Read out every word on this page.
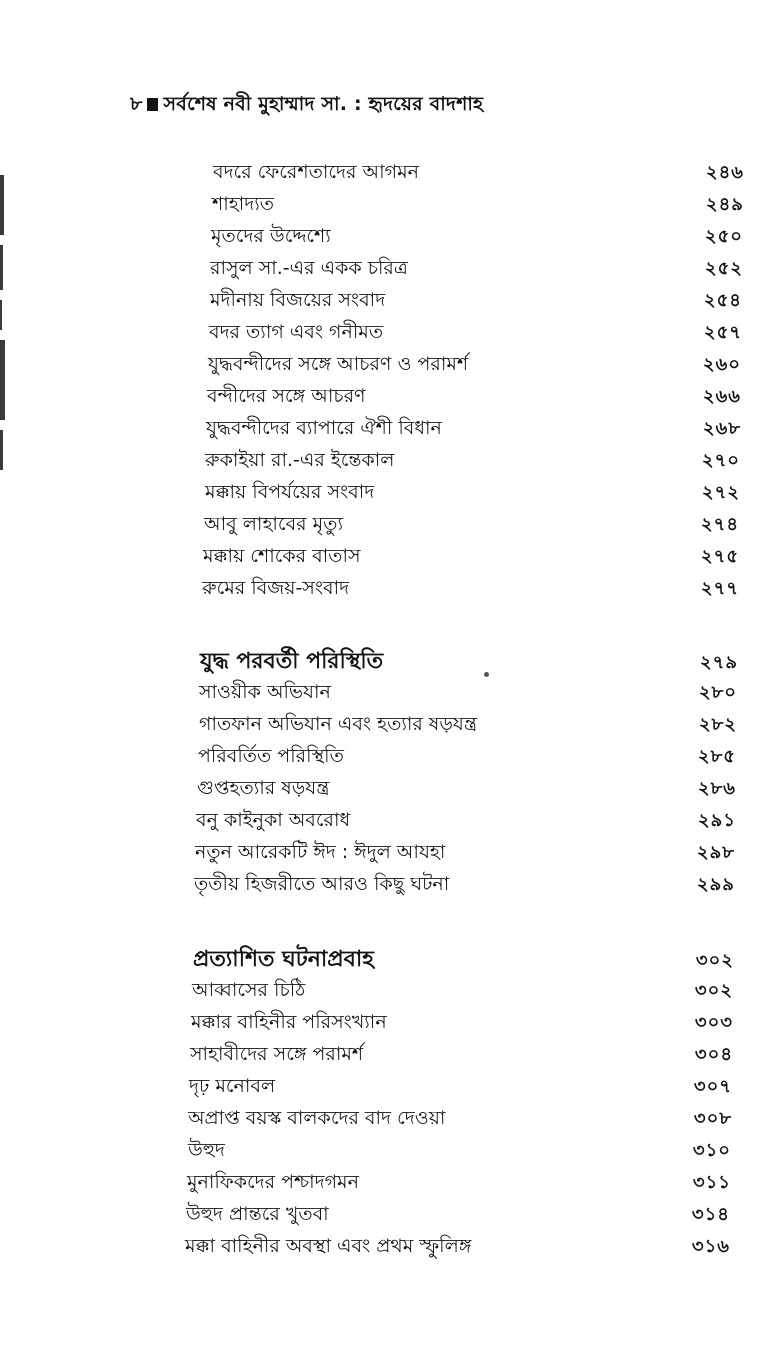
৮ সর্বশেষ নবী মুহাম্মাদ সা. : হৃদয়ের বাদশাহ
বদরে ফেরেশতাদের আগমন	২৪৬
শাহাদ্যত	২৪৯
মৃতদের উদ্দেশ্যে	২৫০
রাসুল সা.-এর একক চরিত্র	২৫২
মদীনায় বিজয়ের সংবাদ	২৫৪
বদর ত্যাগ এবং গনীমত	২৫৭
যুদ্ধবন্দীদের সঙ্গে আচরণ ও পরামর্শ	২৬০
বন্দীদের সঙ্গে আচরণ	২৬৬
যুদ্ধবন্দীদের ব্যাপারে ঐশী বিধান	২৬৮
রুকাইয়া রা.-এর ইন্তেকাল	২৭০
মক্কায় বিপর্যয়ের সংবাদ	২৭২
আবু লাহাবের মৃত্যু	২৭৪
মক্কায় শোকের বাতাস	২৭৫
রুমের বিজয়-সংবাদ	২৭৭
যুদ্ধ পরবর্তী পরিস্থিতি	২৭৯
সাওয়ীক অভিযান	২৮০
গাতফান অভিযান এবং হত্যার ষড়যন্ত্র	২৮২
পরিবর্তিত পরিস্থিতি	২৮৫
গুপ্তহত্যার ষড়যন্ত্র	২৮৬
বনু কাইনুকা অবরোধ	২৯১
নতুন আরেকটি ঈদ : ঈদুল আযহা	২৯৮
তৃতীয় হিজরীতে আরও কিছু ঘটনা	২৯৯
প্রত্যাশিত ঘটনাপ্রবাহ	৩০২
আব্বাসের চিঠি	৩০২
মক্কার বাহিনীর পরিসংখ্যান	৩০৩
সাহাবীদের সঙ্গে পরামর্শ	৩০৪
দৃঢ় মনোবল	৩০৭
অপ্রাপ্ত বয়স্ক বালকদের বাদ দেওয়া	৩০৮
উহুদ	৩১০
মুনাফিকদের পশ্চাদগমন	৩১১
উহুদ প্রান্তরে খুতবা	৩১৪
মক্কা বাহিনীর অবস্থা এবং প্রথম স্ফুলিঙ্গ	৩১৬
